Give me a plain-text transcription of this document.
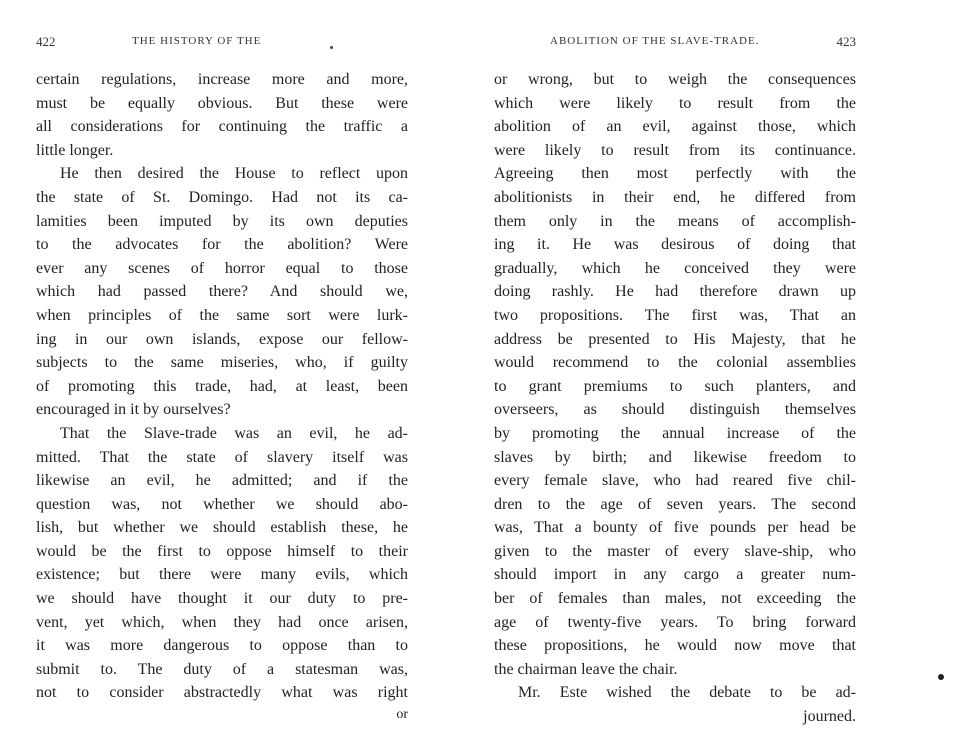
422	THE HISTORY OF THE
certain regulations, increase more and more,
must be equally obvious. But these were
all considerations for continuing the traffic a
little longer.
He then desired the House to reflect upon
the state of St. Domingo. Had not its ca-
lamities been imputed by its own deputies
to the advocates for the abolition? Were
ever any scenes of horror equal to those
which had passed there? And should we,
when principles of the same sort were lurk-
ing in our own islands, expose our fellow-
subjects to the same miseries, who, if guilty
of promoting this trade, had, at least, been
encouraged in it by ourselves?
That the Slave-trade was an evil, he ad-
mitted. That the state of slavery itself was
likewise an evil, he admitted; and if the
question was, not whether we should abo-
lish, but whether we should establish these, he
would be the first to oppose himself to their
existence; but there were many evils, which
we should have thought it our duty to pre-
vent, yet which, when they had once arisen,
it was more dangerous to oppose than to
submit to. The duty of a statesman was,
not to consider abstractedly what was right
or
ABOLITION OF THE SLAVE-TRADE.	423
or wrong, but to weigh the consequences
which were likely to result from the
abolition of an evil, against those, which
were likely to result from its continuance.
Agreeing then most perfectly with the
abolitionists in their end, he differed from
them only in the means of accomplish-
ing it. He was desirous of doing that
gradually, which he conceived they were
doing rashly. He had therefore drawn up
two propositions. The first was, That an
address be presented to His Majesty, that he
would recommend to the colonial assemblies
to grant premiums to such planters, and
overseers, as should distinguish themselves
by promoting the annual increase of the
slaves by birth; and likewise freedom to
every female slave, who had reared five chil-
dren to the age of seven years. The second
was, That a bounty of five pounds per head be
given to the master of every slave-ship, who
should import in any cargo a greater num-
ber of females than males, not exceeding the
age of twenty-five years. To bring forward
these propositions, he would now move that
the chairman leave the chair.
Mr. Este wished the debate to be ad-
journed.
